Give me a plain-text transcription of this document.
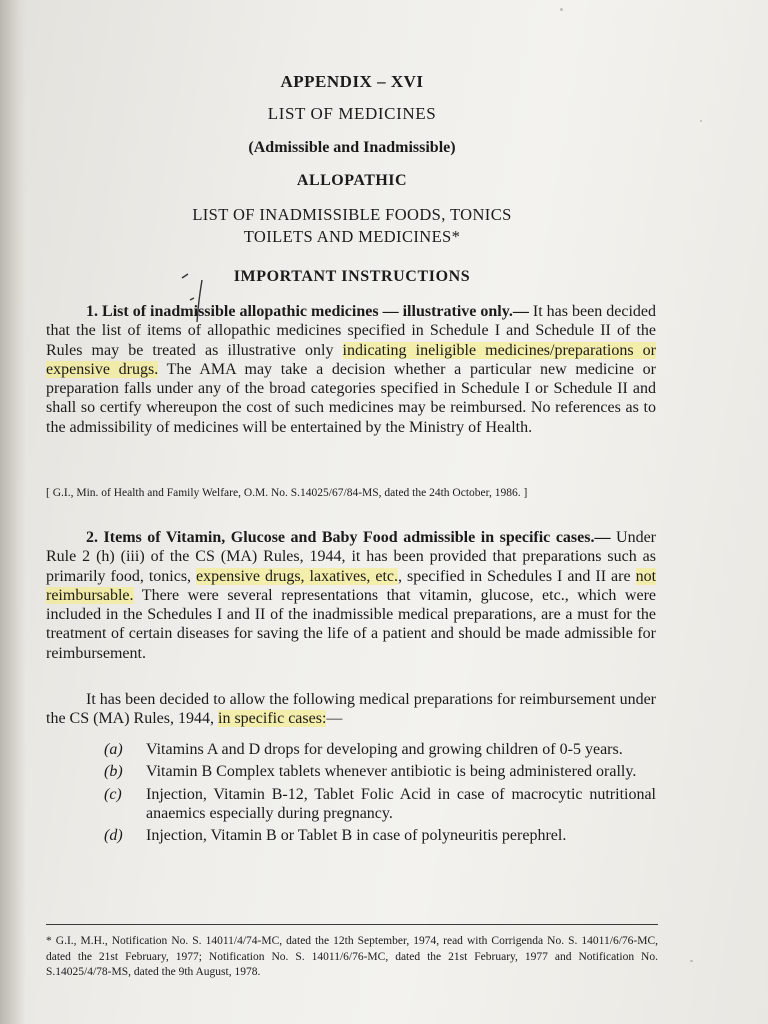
APPENDIX – XVI
LIST OF MEDICINES
(Admissible and Inadmissible)
ALLOPATHIC
LIST OF INADMISSIBLE FOODS, TONICS
TOILETS AND MEDICINES*
IMPORTANT INSTRUCTIONS
1. List of inadmissible allopathic medicines — illustrative only.— It has been decided that the list of items of allopathic medicines specified in Schedule I and Schedule II of the Rules may be treated as illustrative only indicating ineligible medicines/preparations or expensive drugs. The AMA may take a decision whether a particular new medicine or preparation falls under any of the broad categories specified in Schedule I or Schedule II and shall so certify whereupon the cost of such medicines may be reimbursed. No references as to the admissibility of medicines will be entertained by the Ministry of Health.
[ G.I., Min. of Health and Family Welfare, O.M. No. S.14025/67/84-MS, dated the 24th October, 1986. ]
2. Items of Vitamin, Glucose and Baby Food admissible in specific cases.— Under Rule 2 (h) (iii) of the CS (MA) Rules, 1944, it has been provided that preparations such as primarily food, tonics, expensive drugs, laxatives, etc., specified in Schedules I and II are not reimbursable. There were several representations that vitamin, glucose, etc., which were included in the Schedules I and II of the inadmissible medical preparations, are a must for the treatment of certain diseases for saving the life of a patient and should be made admissible for reimbursement.
It has been decided to allow the following medical preparations for reimbursement under the CS (MA) Rules, 1944, in specific cases:—
(a)	Vitamins A and D drops for developing and growing children of 0-5 years.
(b)	Vitamin B Complex tablets whenever antibiotic is being administered orally.
(c)	Injection, Vitamin B-12, Tablet Folic Acid in case of macrocytic nutritional anaemics especially during pregnancy.
(d)	Injection, Vitamin B or Tablet B in case of polyneuritis perephrel.
* G.I., M.H., Notification No. S. 14011/4/74-MC, dated the 12th September, 1974, read with Corrigenda No. S. 14011/6/76-MC, dated the 21st February, 1977; Notification No. S. 14011/6/76-MC, dated the 21st February, 1977 and Notification No. S.14025/4/78-MS, dated the 9th August, 1978.
